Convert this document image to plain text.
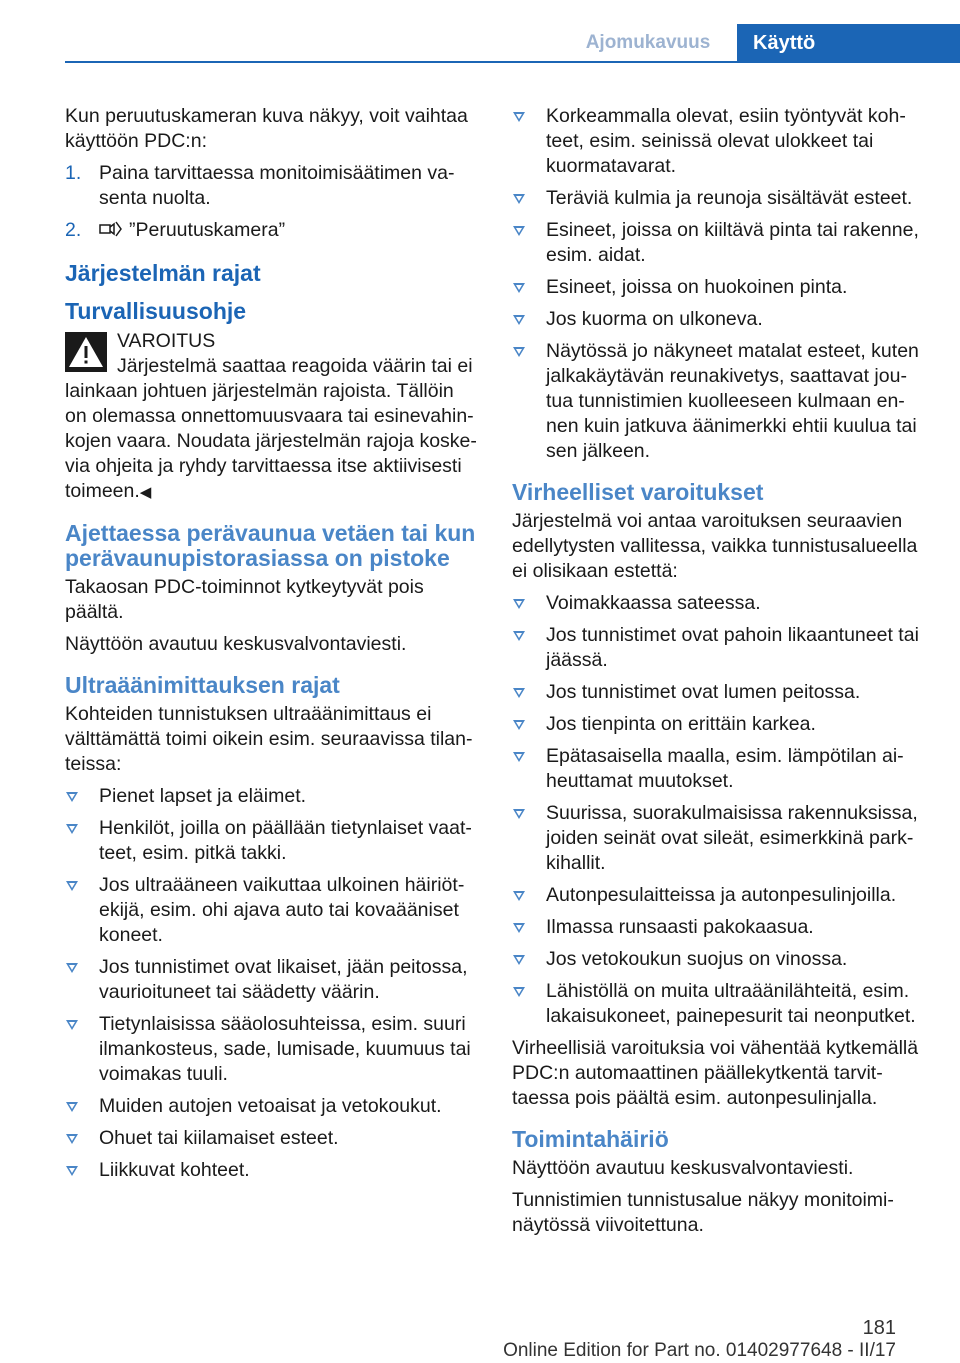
Ajomukavuus	Käyttö

Kun peruutuskameran kuva näkyy, voit vaihtaa käyttöön PDC:n:

1. Paina tarvittaessa monitoimisäätimen va-senta nuolta.
2. ”Peruutuskamera”
Järjestelmän rajat
Turvallisuusohje
VAROITUS
Järjestelmä saattaa reagoida väärin tai ei lainkaan johtuen järjestelmän rajoista. Tällöin on olemassa onnettomuusvaara tai esinevahin-kojen vaara. Noudata järjestelmän rajoja koske-via ohjeita ja ryhdy tarvittaessa itse aktiivisesti toimeen.◀
Ajettaessa perävaunua vetäen tai kun perävaunupistorasiassa on pistoke

Takaosan PDC-toiminnot kytkeytyvät pois päältä.

Näyttöön avautuu keskusvalvontaviesti.

Ultraäänimittauksen rajat

Kohteiden tunnistuksen ultraäänimittaus ei välttämättä toimi oikein esim. seuraavissa tilan-teissa:

Pienet lapset ja eläimet.
Henkilöt, joilla on päällään tietynlaiset vaat-teet, esim. pitkä takki.
Jos ultraääneen vaikuttaa ulkoinen häiriöt-ekijä, esim. ohi ajava auto tai kovaääniset koneet.
Jos tunnistimet ovat likaiset, jään peitossa, vaurioituneet tai säädetty väärin.
Tietynlaisissa sääolosuhteissa, esim. suuri ilmankosteus, sade, lumisade, kuumuus tai voimakas tuuli.
Muiden autojen vetoaisat ja vetokoukut.
Ohuet tai kiilamaiset esteet.
Liikkuvat kohteet.
Korkeammalla olevat, esiin työntyvät koh-teet, esim. seinissä olevat ulokkeet tai kuormatavarat.
Teräviä kulmia ja reunoja sisältävät esteet.
Esineet, joissa on kiiltävä pinta tai rakenne, esim. aidat.
Esineet, joissa on huokoinen pinta.
Jos kuorma on ulkoneva.
Näytössä jo näkyneet matalat esteet, kuten jalkakäytävän reunakivetys, saattavat jou-tua tunnistimien kuolleeseen kulmaan en-nen kuin jatkuva äänimerkki ehtii kuulua tai sen jälkeen.
Virheelliset varoitukset

Järjestelmä voi antaa varoituksen seuraavien edellytysten vallitessa, vaikka tunnistusalueella ei olisikaan estettä:

Voimakkaassa sateessa.
Jos tunnistimet ovat pahoin likaantuneet tai jäässä.
Jos tunnistimet ovat lumen peitossa.
Jos tienpinta on erittäin karkea.
Epätasaisella maalla, esim. lämpötilan ai-heuttamat muutokset.
Suurissa, suorakulmaisissa rakennuksissa, joiden seinät ovat sileät, esimerkkinä park-kihallit.
Autonpesulaitteissa ja autonpesulinjoilla.
Ilmassa runsaasti pakokaasua.
Jos vetokoukun suojus on vinossa.
Lähistöllä on muita ultraäänilähteitä, esim. lakaisukoneet, painepesurit tai neonputket.

Virheellisiä varoituksia voi vähentää kytkemällä PDC:n automaattinen päällekytkentä tarvit-taessa pois päältä esim. autonpesulinjalla.

Toimintahäiriö

Näyttöön avautuu keskusvalvontaviesti.

Tunnistimien tunnistusalue näkyy monitoimi-näytössä viivoitettuna.

181
Online Edition for Part no. 01402977648 - II/17
